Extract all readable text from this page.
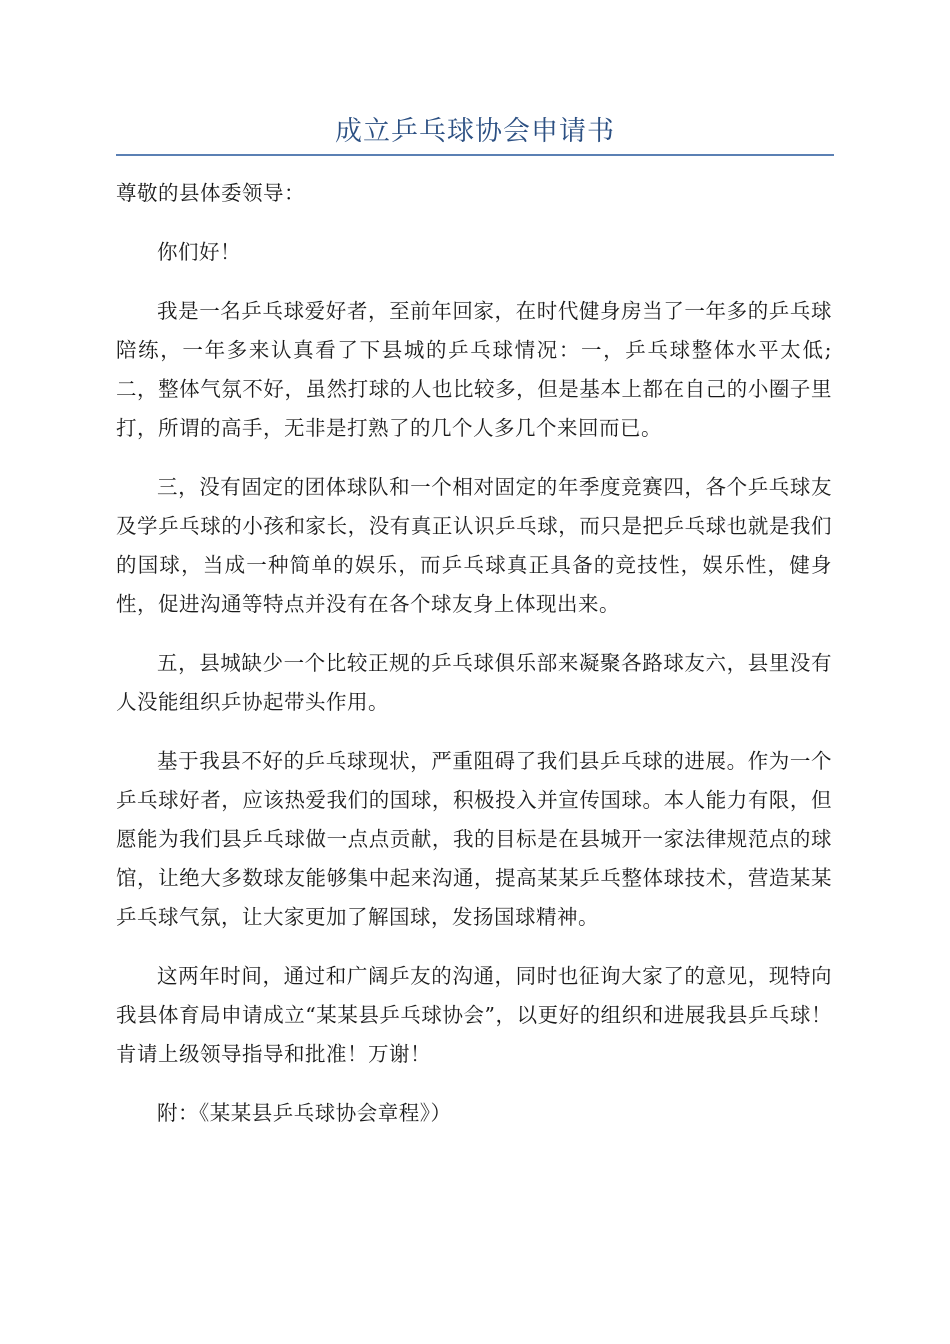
成立乒乓球协会申请书

尊敬的县体委领导：

你们好！

我是一名乒乓球爱好者，至前年回家，在时代健身房当了一年多的乒乓球陪练，一年多来认真看了下县城的乒乓球情况：一，乒乓球整体水平太低;二，整体气氛不好，虽然打球的人也比较多，但是基本上都在自己的小圈子里打，所谓的高手，无非是打熟了的几个人多几个来回而已。

三，没有固定的团体球队和一个相对固定的年季度竞赛四，各个乒乓球友及学乒乓球的小孩和家长，没有真正认识乒乓球，而只是把乒乓球也就是我们的国球，当成一种简单的娱乐，而乒乓球真正具备的竞技性，娱乐性，健身性，促进沟通等特点并没有在各个球友身上体现出来。

五，县城缺少一个比较正规的乒乓球俱乐部来凝聚各路球友六，县里没有人没能组织乒协起带头作用。

基于我县不好的乒乓球现状，严重阻碍了我们县乒乓球的进展。作为一个乒乓球好者，应该热爱我们的国球，积极投入并宣传国球。本人能力有限，但愿能为我们县乒乓球做一点点贡献，我的目标是在县城开一家法律规范点的球馆，让绝大多数球友能够集中起来沟通，提高某某乒乓整体球技术，营造某某乒乓球气氛，让大家更加了解国球，发扬国球精神。

这两年时间，通过和广阔乒友的沟通，同时也征询大家了的意见，现特向我县体育局申请成立“某某县乒乓球协会”，以更好的组织和进展我县乒乓球！肯请上级领导指导和批准！万谢！

附：《某某县乒乓球协会章程》）
